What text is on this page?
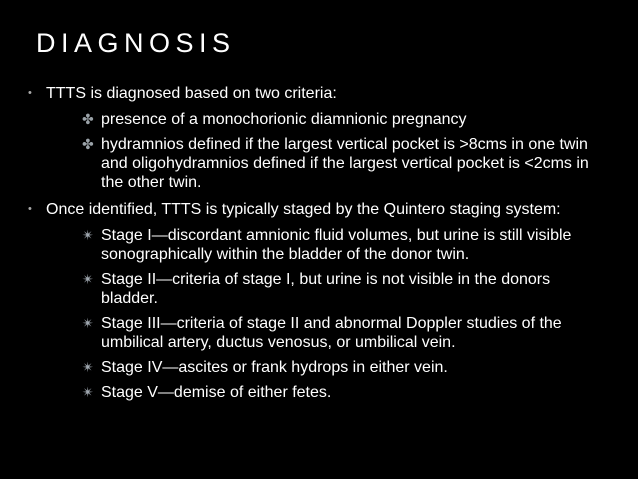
DIAGNOSIS
• TTTS is diagnosed based on two criteria:
✤ presence of a monochorionic diamnionic pregnancy
✤ hydramnios defined if the largest vertical pocket is >8cms in one twin and oligohydramnios defined if the largest vertical pocket is <2cms in the other twin.
• Once identified, TTTS is typically staged by the Quintero staging system:
✴ Stage I—discordant amnionic fluid volumes, but urine is still visible sonographically within the bladder of the donor twin.
✴ Stage II—criteria of stage I, but urine is not visible in the donors bladder.
✴ Stage III—criteria of stage II and abnormal Doppler studies of the umbilical artery, ductus venosus, or umbilical vein.
✴ Stage IV—ascites or frank hydrops in either vein.
✴ Stage V—demise of either fetes.
